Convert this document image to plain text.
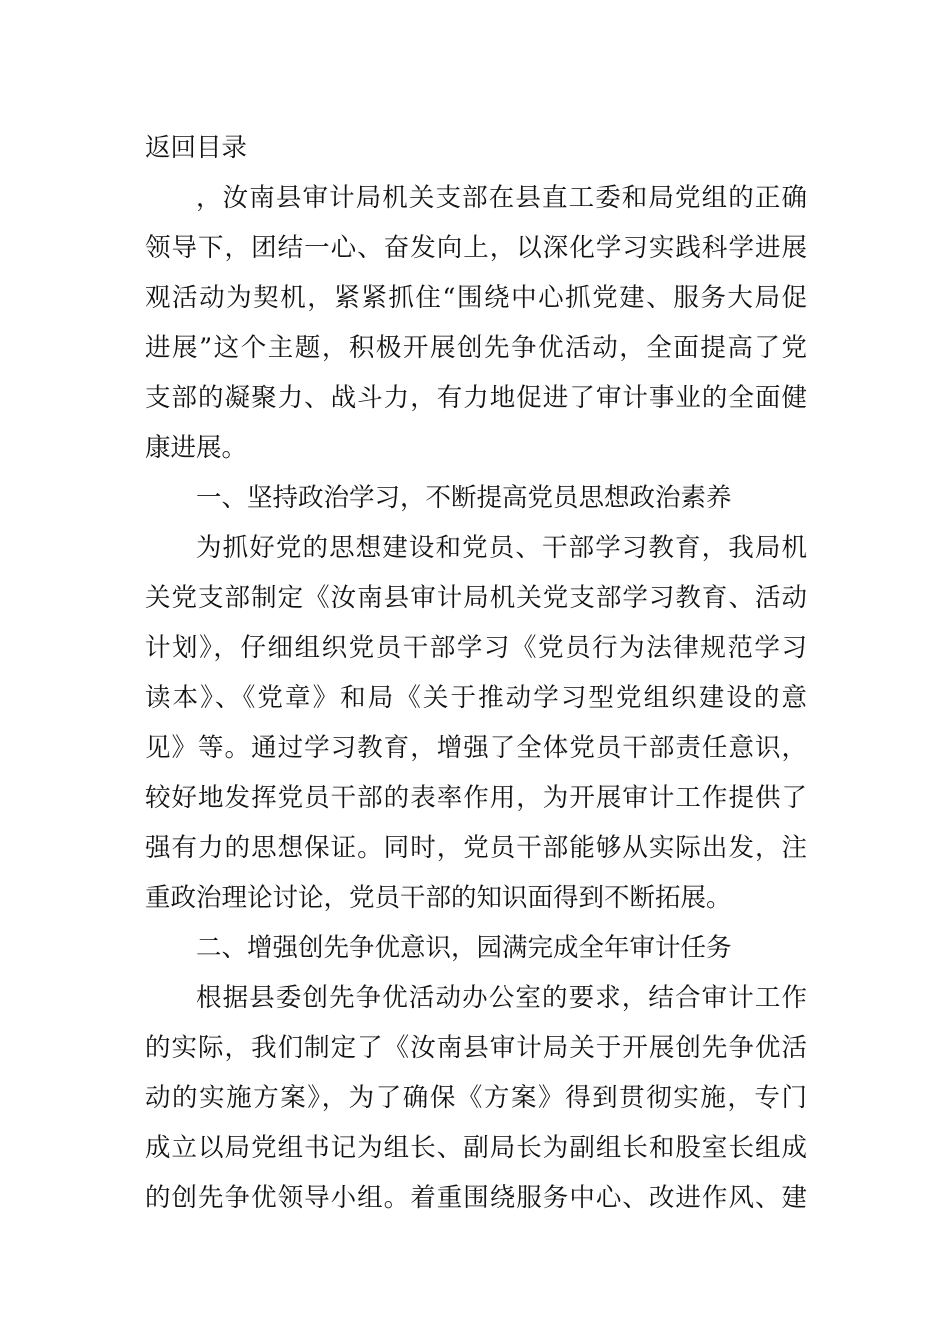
返回目录
，汝南县审计局机关支部在县直工委和局党组的正确
领导下，团结一心、奋发向上，以深化学习实践科学进展
观活动为契机，紧紧抓住“围绕中心抓党建、服务大局促
进展”这个主题，积极开展创先争优活动，全面提高了党
支部的凝聚力、战斗力，有力地促进了审计事业的全面健
康进展。
一、坚持政治学习，不断提高党员思想政治素养
为抓好党的思想建设和党员、干部学习教育，我局机
关党支部制定《汝南县审计局机关党支部学习教育、活动
计划》，仔细组织党员干部学习《党员行为法律规范学习
读本》、《党章》和局《关于推动学习型党组织建设的意
见》等。通过学习教育，增强了全体党员干部责任意识，
较好地发挥党员干部的表率作用，为开展审计工作提供了
强有力的思想保证。同时，党员干部能够从实际出发，注
重政治理论讨论，党员干部的知识面得到不断拓展。
二、增强创先争优意识，园满完成全年审计任务
根据县委创先争优活动办公室的要求，结合审计工作
的实际，我们制定了《汝南县审计局关于开展创先争优活
动的实施方案》，为了确保《方案》得到贯彻实施，专门
成立以局党组书记为组长、副局长为副组长和股室长组成
的创先争优领导小组。着重围绕服务中心、改进作风、建
